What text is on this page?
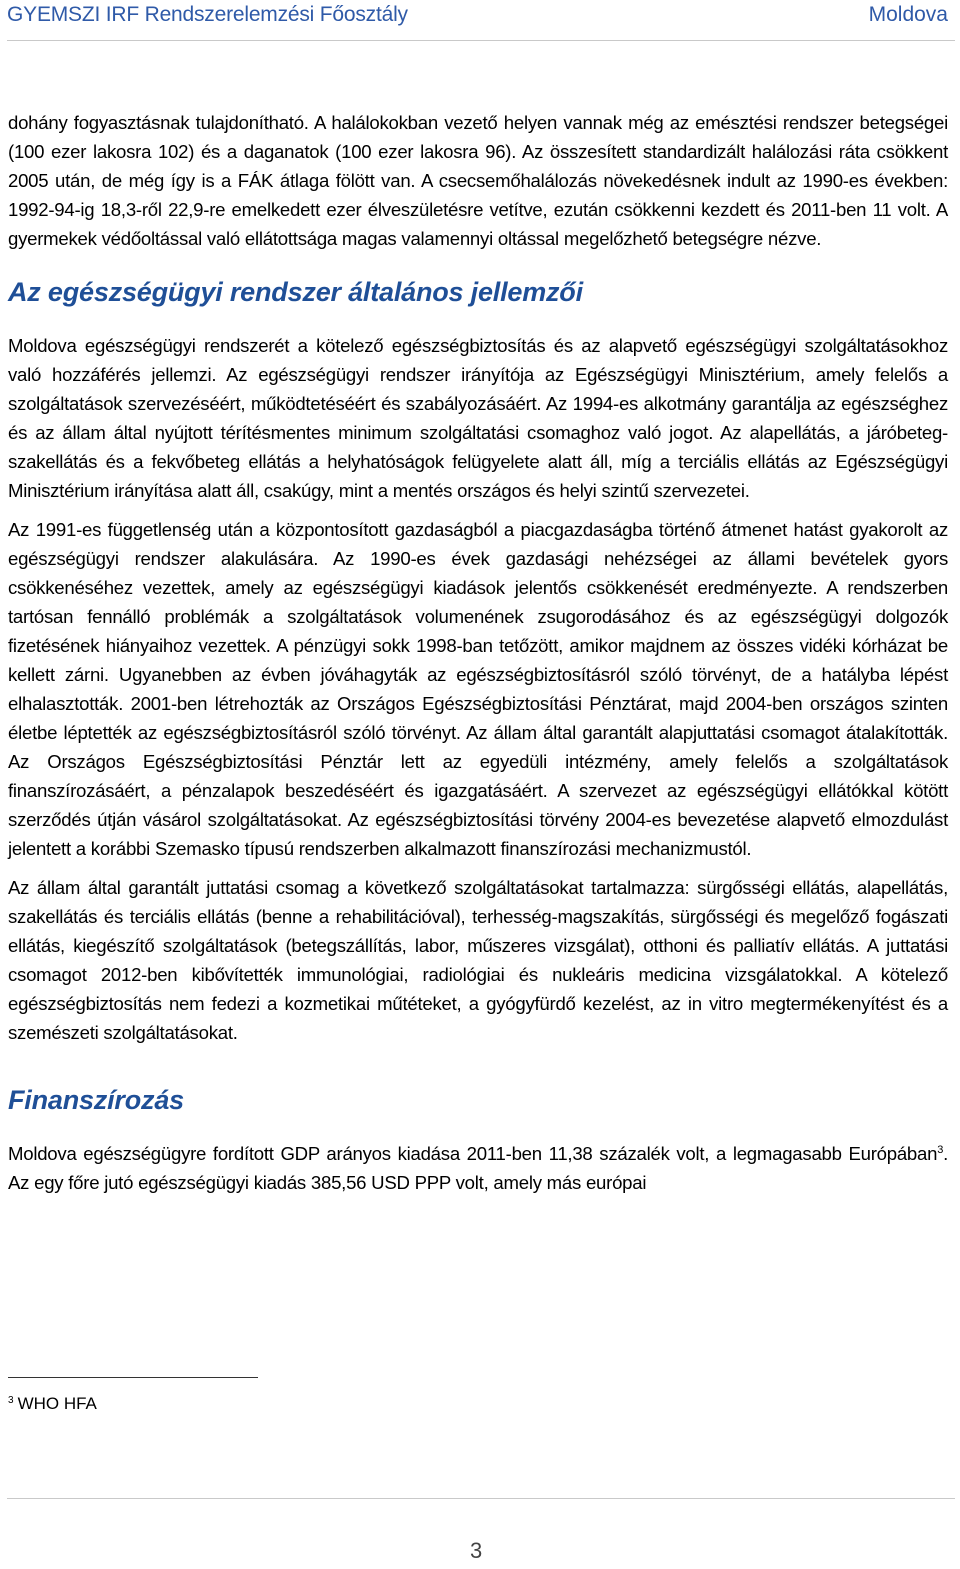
GYEMSZI IRF Rendszerelemzési Főosztály	Moldova

dohány fogyasztásnak tulajdonítható. A halálokokban vezető helyen vannak még az emésztési rendszer betegségei (100 ezer lakosra 102) és a daganatok (100 ezer lakosra 96). Az összesített standardizált halálozási ráta csökkent 2005 után, de még így is a FÁK átlaga fölött van. A csecsemőhalálozás növekedésnek indult az 1990-es években: 1992-94-ig 18,3-ről 22,9-re emelkedett ezer élveszületésre vetítve, ezután csökkenni kezdett és 2011-ben 11 volt. A gyermekek védőoltással való ellátottsága magas valamennyi oltással megelőzhető betegségre nézve.

Az egészségügyi rendszer általános jellemzői

Moldova egészségügyi rendszerét a kötelező egészségbiztosítás és az alapvető egészségügyi szolgáltatásokhoz való hozzáférés jellemzi. Az egészségügyi rendszer irányítója az Egészségügyi Minisztérium, amely felelős a szolgáltatások szervezéséért, működtetéséért és szabályozásáért. Az 1994-es alkotmány garantálja az egészséghez és az állam által nyújtott térítésmentes minimum szolgáltatási csomaghoz való jogot. Az alapellátás, a járóbeteg-szakellátás és a fekvőbeteg ellátás a helyhatóságok felügyelete alatt áll, míg a terciális ellátás az Egészségügyi Minisztérium irányítása alatt áll, csakúgy, mint a mentés országos és helyi szintű szervezetei.

Az 1991-es függetlenség után a központosított gazdaságból a piacgazdaságba történő átmenet hatást gyakorolt az egészségügyi rendszer alakulására. Az 1990-es évek gazdasági nehézségei az állami bevételek gyors csökkenéséhez vezettek, amely az egészségügyi kiadások jelentős csökkenését eredményezte. A rendszerben tartósan fennálló problémák a szolgáltatások volumenének zsugorodásához és az egészségügyi dolgozók fizetésének hiányaihoz vezettek. A pénzügyi sokk 1998-ban tetőzött, amikor majdnem az összes vidéki kórházat be kellett zárni. Ugyanebben az évben jóváhagyták az egészségbiztosításról szóló törvényt, de a hatályba lépést elhalasztották. 2001-ben létrehozták az Országos Egészségbiztosítási Pénztárat, majd 2004-ben országos szinten életbe léptették az egészségbiztosításról szóló törvényt. Az állam által garantált alapjuttatási csomagot átalakították. Az Országos Egészségbiztosítási Pénztár lett az egyedüli intézmény, amely felelős a szolgáltatások finanszírozásáért, a pénzalapok beszedéséért és igazgatásáért. A szervezet az egészségügyi ellátókkal kötött szerződés útján vásárol szolgáltatásokat. Az egészségbiztosítási törvény 2004-es bevezetése alapvető elmozdulást jelentett a korábbi Szemasko típusú rendszerben alkalmazott finanszírozási mechanizmustól.

Az állam által garantált juttatási csomag a következő szolgáltatásokat tartalmazza: sürgősségi ellátás, alapellátás, szakellátás és terciális ellátás (benne a rehabilitációval), terhesség-magszakítás, sürgősségi és megelőző fogászati ellátás, kiegészítő szolgáltatások (betegszállítás, labor, műszeres vizsgálat), otthoni és palliatív ellátás. A juttatási csomagot 2012-ben kibővítették immunológiai, radiológiai és nukleáris medicina vizsgálatokkal. A kötelező egészségbiztosítás nem fedezi a kozmetikai műtéteket, a gyógyfürdő kezelést, az in vitro megtermékenyítést és a szemészeti szolgáltatásokat.

Finanszírozás

Moldova egészségügyre fordított GDP arányos kiadása 2011-ben 11,38 százalék volt, a legmagasabb Európában$^3$. Az egy főre jutó egészségügyi kiadás 385,56 USD PPP volt, amely más európai

$^3$ WHO HFA
3
